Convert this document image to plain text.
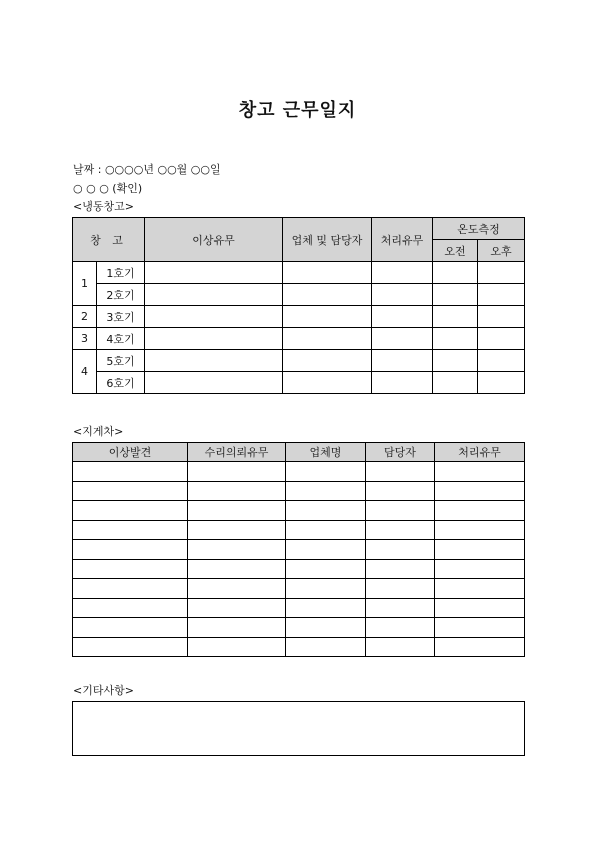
창고 근무일지
날짜 : ○○○○년 ○○월 ○○일
○ ○ ○ (확인)
<냉동창고>
창 고		이상유무	업체 및 담당자	처리유무	온도측정	
					오전	오후
1	1호기					
	2호기					
2	3호기					
3	4호기					
4	5호기					
	6호기					
<지게차>
이상발견	수리의뢰유무	업체명	담당자	처리유무

<기타사항>
